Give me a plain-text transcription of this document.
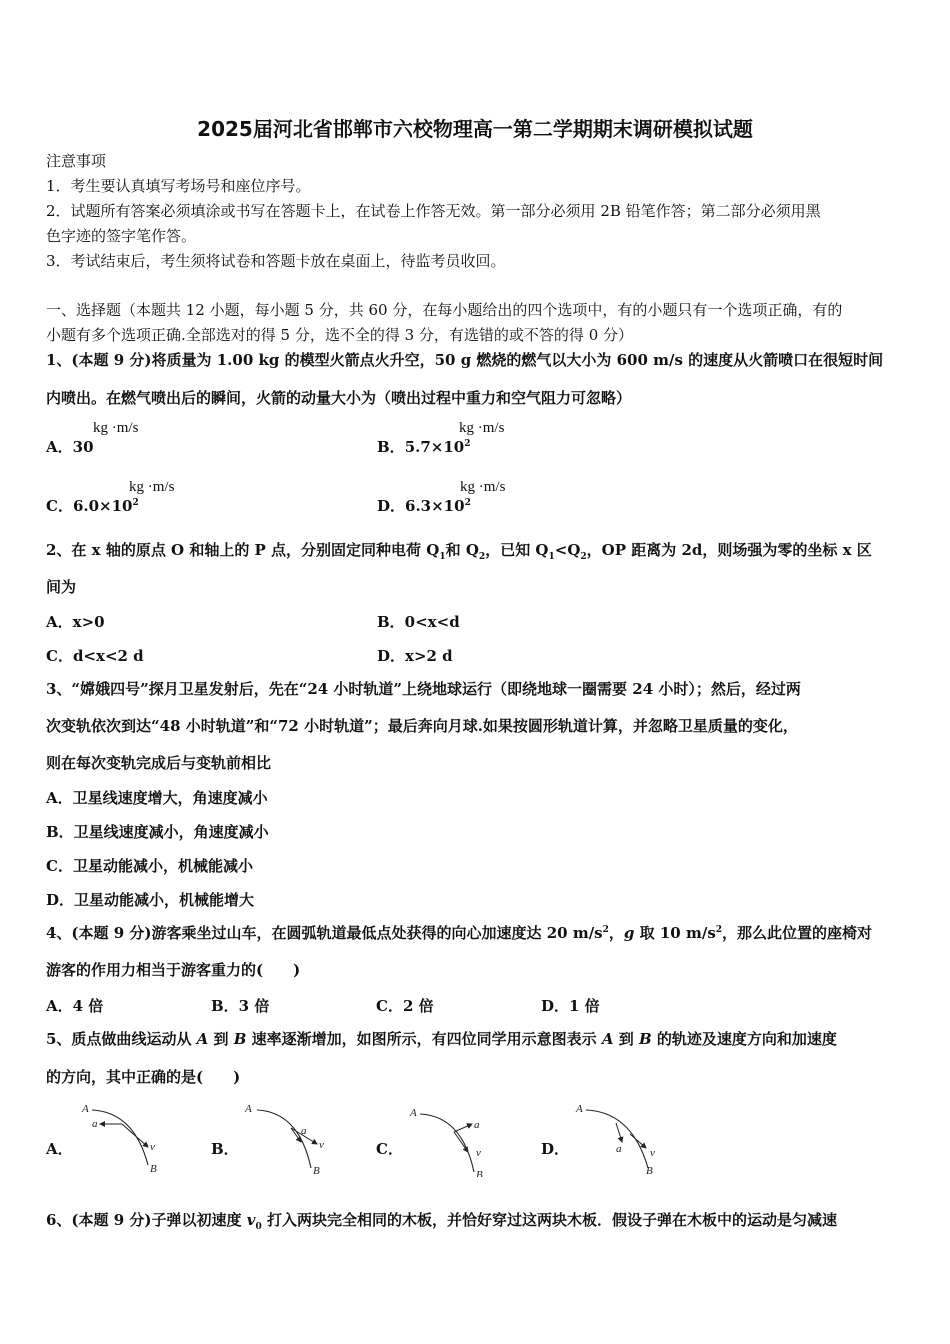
2025届河北省邯郸市六校物理高一第二学期期末调研模拟试题
注意事项
1．考生要认真填写考场号和座位序号。
2．试题所有答案必须填涂或书写在答题卡上，在试卷上作答无效。第一部分必须用 2B 铅笔作答；第二部分必须用黑
色字迹的签字笔作答。
3．考试结束后，考生须将试卷和答题卡放在桌面上，待监考员收回。
一、选择题（本题共 12 小题，每小题 5 分，共 60 分，在每小题给出的四个选项中，有的小题只有一个选项正确，有的
小题有多个选项正确.全部选对的得 5 分，选不全的得 3 分，有选错的或不答的得 0 分）
1、(本题 9 分)将质量为 1.00 kg 的模型火箭点火升空，50 g 燃烧的燃气以大小为 600 m/s 的速度从火箭喷口在很短时间
内喷出。在燃气喷出后的瞬间，火箭的动量大小为（喷出过程中重力和空气阻力可忽略）
A．30
kg ·m/s
B．$5.7\times 10^2$
kg ·m/s
C．$6.0\times 10^2$
kg ·m/s
D．$6.3\times 10^2$
kg ·m/s
2、在 x 轴的原点 O 和轴上的 P 点，分别固定同种电荷 $Q_1$和 $Q_2$，已知 $Q_1<Q_2$，OP 距离为 2d，则场强为零的坐标 x 区
间为
A．x>0	B．0<x<d
C．d<x<2 d	D．x>2 d
3、“嫦娥四号”探月卫星发射后，先在“24 小时轨道”上绕地球运行（即绕地球一圈需要 24 小时）；然后，经过两
次变轨依次到达“48 小时轨道”和“72 小时轨道”；最后奔向月球.如果按圆形轨道计算，并忽略卫星质量的变化，
则在每次变轨完成后与变轨前相比
A．卫星线速度增大，角速度减小
B．卫星线速度减小，角速度减小
C．卫星动能减小，机械能减小
D．卫星动能减小，机械能增大
4、(本题 9 分)游客乘坐过山车，在圆弧轨道最低点处获得的向心加速度达 20 $m/s^2$，g 取 10 $m/s^2$，那么此位置的座椅对
游客的作用力相当于游客重力的(　　)
A．4 倍	B．3 倍	C．2 倍	D．1 倍
5、质点做曲线运动从 A 到 B 速率逐渐增加，如图所示，有四位同学用示意图表示 A 到 B 的轨迹及速度方向和加速度
的方向，其中正确的是(　　)
A．
A
B
a
v	B．
A
B
a
v	C．
A
B
a
v	D．
A
B
a	v
6、(本题 9 分)子弹以初速度 $v_0$ 打入两块完全相同的木板，并恰好穿过这两块木板．假设子弹在木板中的运动是匀减速
